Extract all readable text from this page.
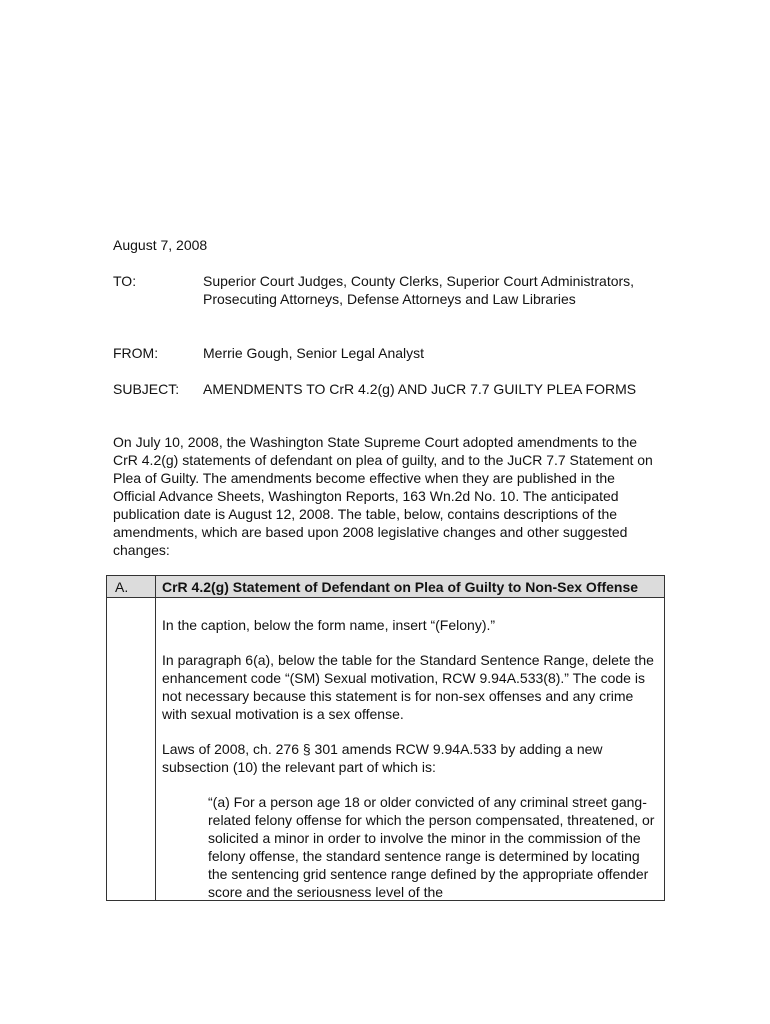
August 7, 2008
TO:	Superior Court Judges, County Clerks, Superior Court Administrators, Prosecuting Attorneys, Defense Attorneys and Law Libraries
FROM:	Merrie Gough, Senior Legal Analyst
SUBJECT:	AMENDMENTS TO CrR 4.2(g) AND JuCR 7.7 GUILTY PLEA FORMS

On July 10, 2008, the Washington State Supreme Court adopted amendments to the CrR 4.2(g) statements of defendant on plea of guilty, and to the JuCR 7.7 Statement on Plea of Guilty. The amendments become effective when they are published in the Official Advance Sheets, Washington Reports, 163 Wn.2d No. 10. The anticipated publication date is August 12, 2008. The table, below, contains descriptions of the amendments, which are based upon 2008 legislative changes and other suggested changes:

A.	CrR 4.2(g) Statement of Defendant on Plea of Guilty to Non-Sex Offense

	In the caption, below the form name, insert “(Felony).”

In paragraph 6(a), below the table for the Standard Sentence Range, delete the enhancement code “(SM) Sexual motivation, RCW 9.94A.533(8).” The code is not necessary because this statement is for non-sex offenses and any crime with sexual motivation is a sex offense.

Laws of 2008, ch. 276 § 301 amends RCW 9.94A.533 by adding a new subsection (10) the relevant part of which is:

“(a) For a person age 18 or older convicted of any criminal street gang-related felony offense for which the person compensated, threatened, or solicited a minor in order to involve the minor in the commission of the felony offense, the standard sentence range is determined by locating the sentencing grid sentence range defined by the appropriate offender score and the seriousness level of the
